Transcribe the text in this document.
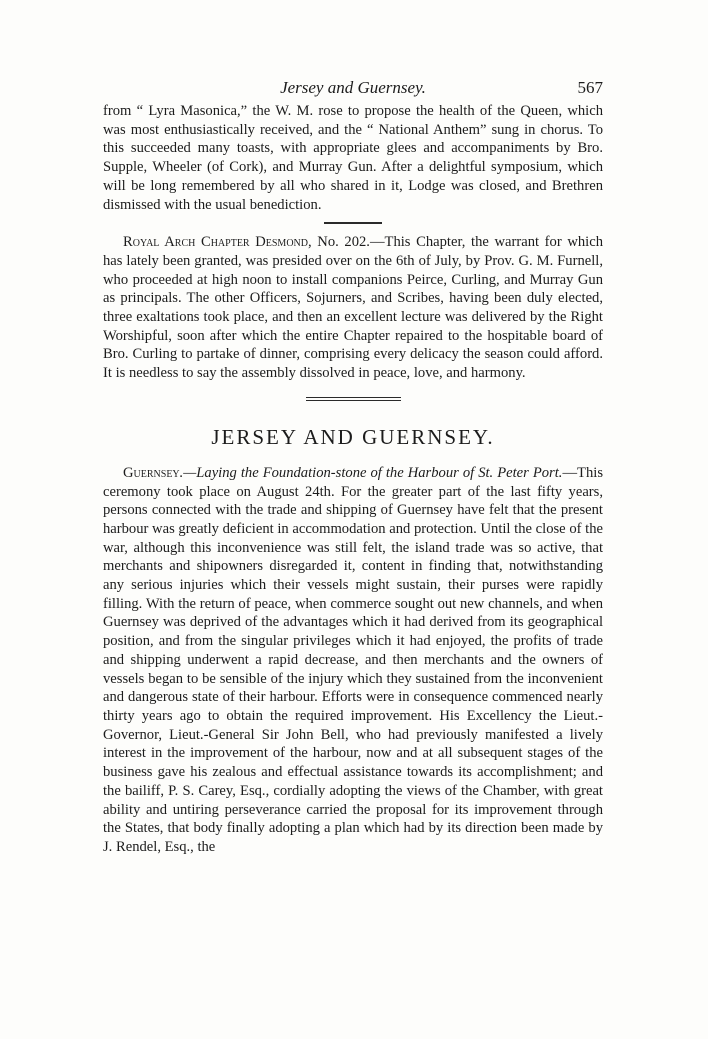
Jersey and Guernsey.	567

from “ Lyra Masonica,” the W. M. rose to propose the health of the Queen, which was most enthusiastically received, and the “ National Anthem” sung in chorus. To this succeeded many toasts, with appropriate glees and accompaniments by Bro. Supple, Wheeler (of Cork), and Murray Gun. After a delightful symposium, which will be long remembered by all who shared in it, Lodge was closed, and Brethren dismissed with the usual benediction.

Royal Arch Chapter Desmond, No. 202.—This Chapter, the warrant for which has lately been granted, was presided over on the 6th of July, by Prov. G. M. Furnell, who proceeded at high noon to install companions Peirce, Curling, and Murray Gun as principals. The other Officers, Sojurners, and Scribes, having been duly elected, three exaltations took place, and then an excellent lecture was delivered by the Right Worshipful, soon after which the entire Chapter repaired to the hospitable board of Bro. Curling to partake of dinner, comprising every delicacy the season could afford. It is needless to say the assembly dissolved in peace, love, and harmony.

JERSEY AND GUERNSEY.

Guernsey.—Laying the Foundation-stone of the Harbour of St. Peter Port.—This ceremony took place on August 24th. For the greater part of the last fifty years, persons connected with the trade and shipping of Guernsey have felt that the present harbour was greatly deficient in accommodation and protection. Until the close of the war, although this inconvenience was still felt, the island trade was so active, that merchants and shipowners disregarded it, content in finding that, notwithstanding any serious injuries which their vessels might sustain, their purses were rapidly filling. With the return of peace, when commerce sought out new channels, and when Guernsey was deprived of the advantages which it had derived from its geographical position, and from the singular privileges which it had enjoyed, the profits of trade and shipping underwent a rapid decrease, and then merchants and the owners of vessels began to be sensible of the injury which they sustained from the inconvenient and dangerous state of their harbour. Efforts were in consequence commenced nearly thirty years ago to obtain the required improvement. His Excellency the Lieut.-Governor, Lieut.-General Sir John Bell, who had previously manifested a lively interest in the improvement of the harbour, now and at all subsequent stages of the business gave his zealous and effectual assistance towards its accomplishment; and the bailiff, P. S. Carey, Esq., cordially adopting the views of the Chamber, with great ability and untiring perseverance carried the proposal for its improvement through the States, that body finally adopting a plan which had by its direction been made by J. Rendel, Esq., the
